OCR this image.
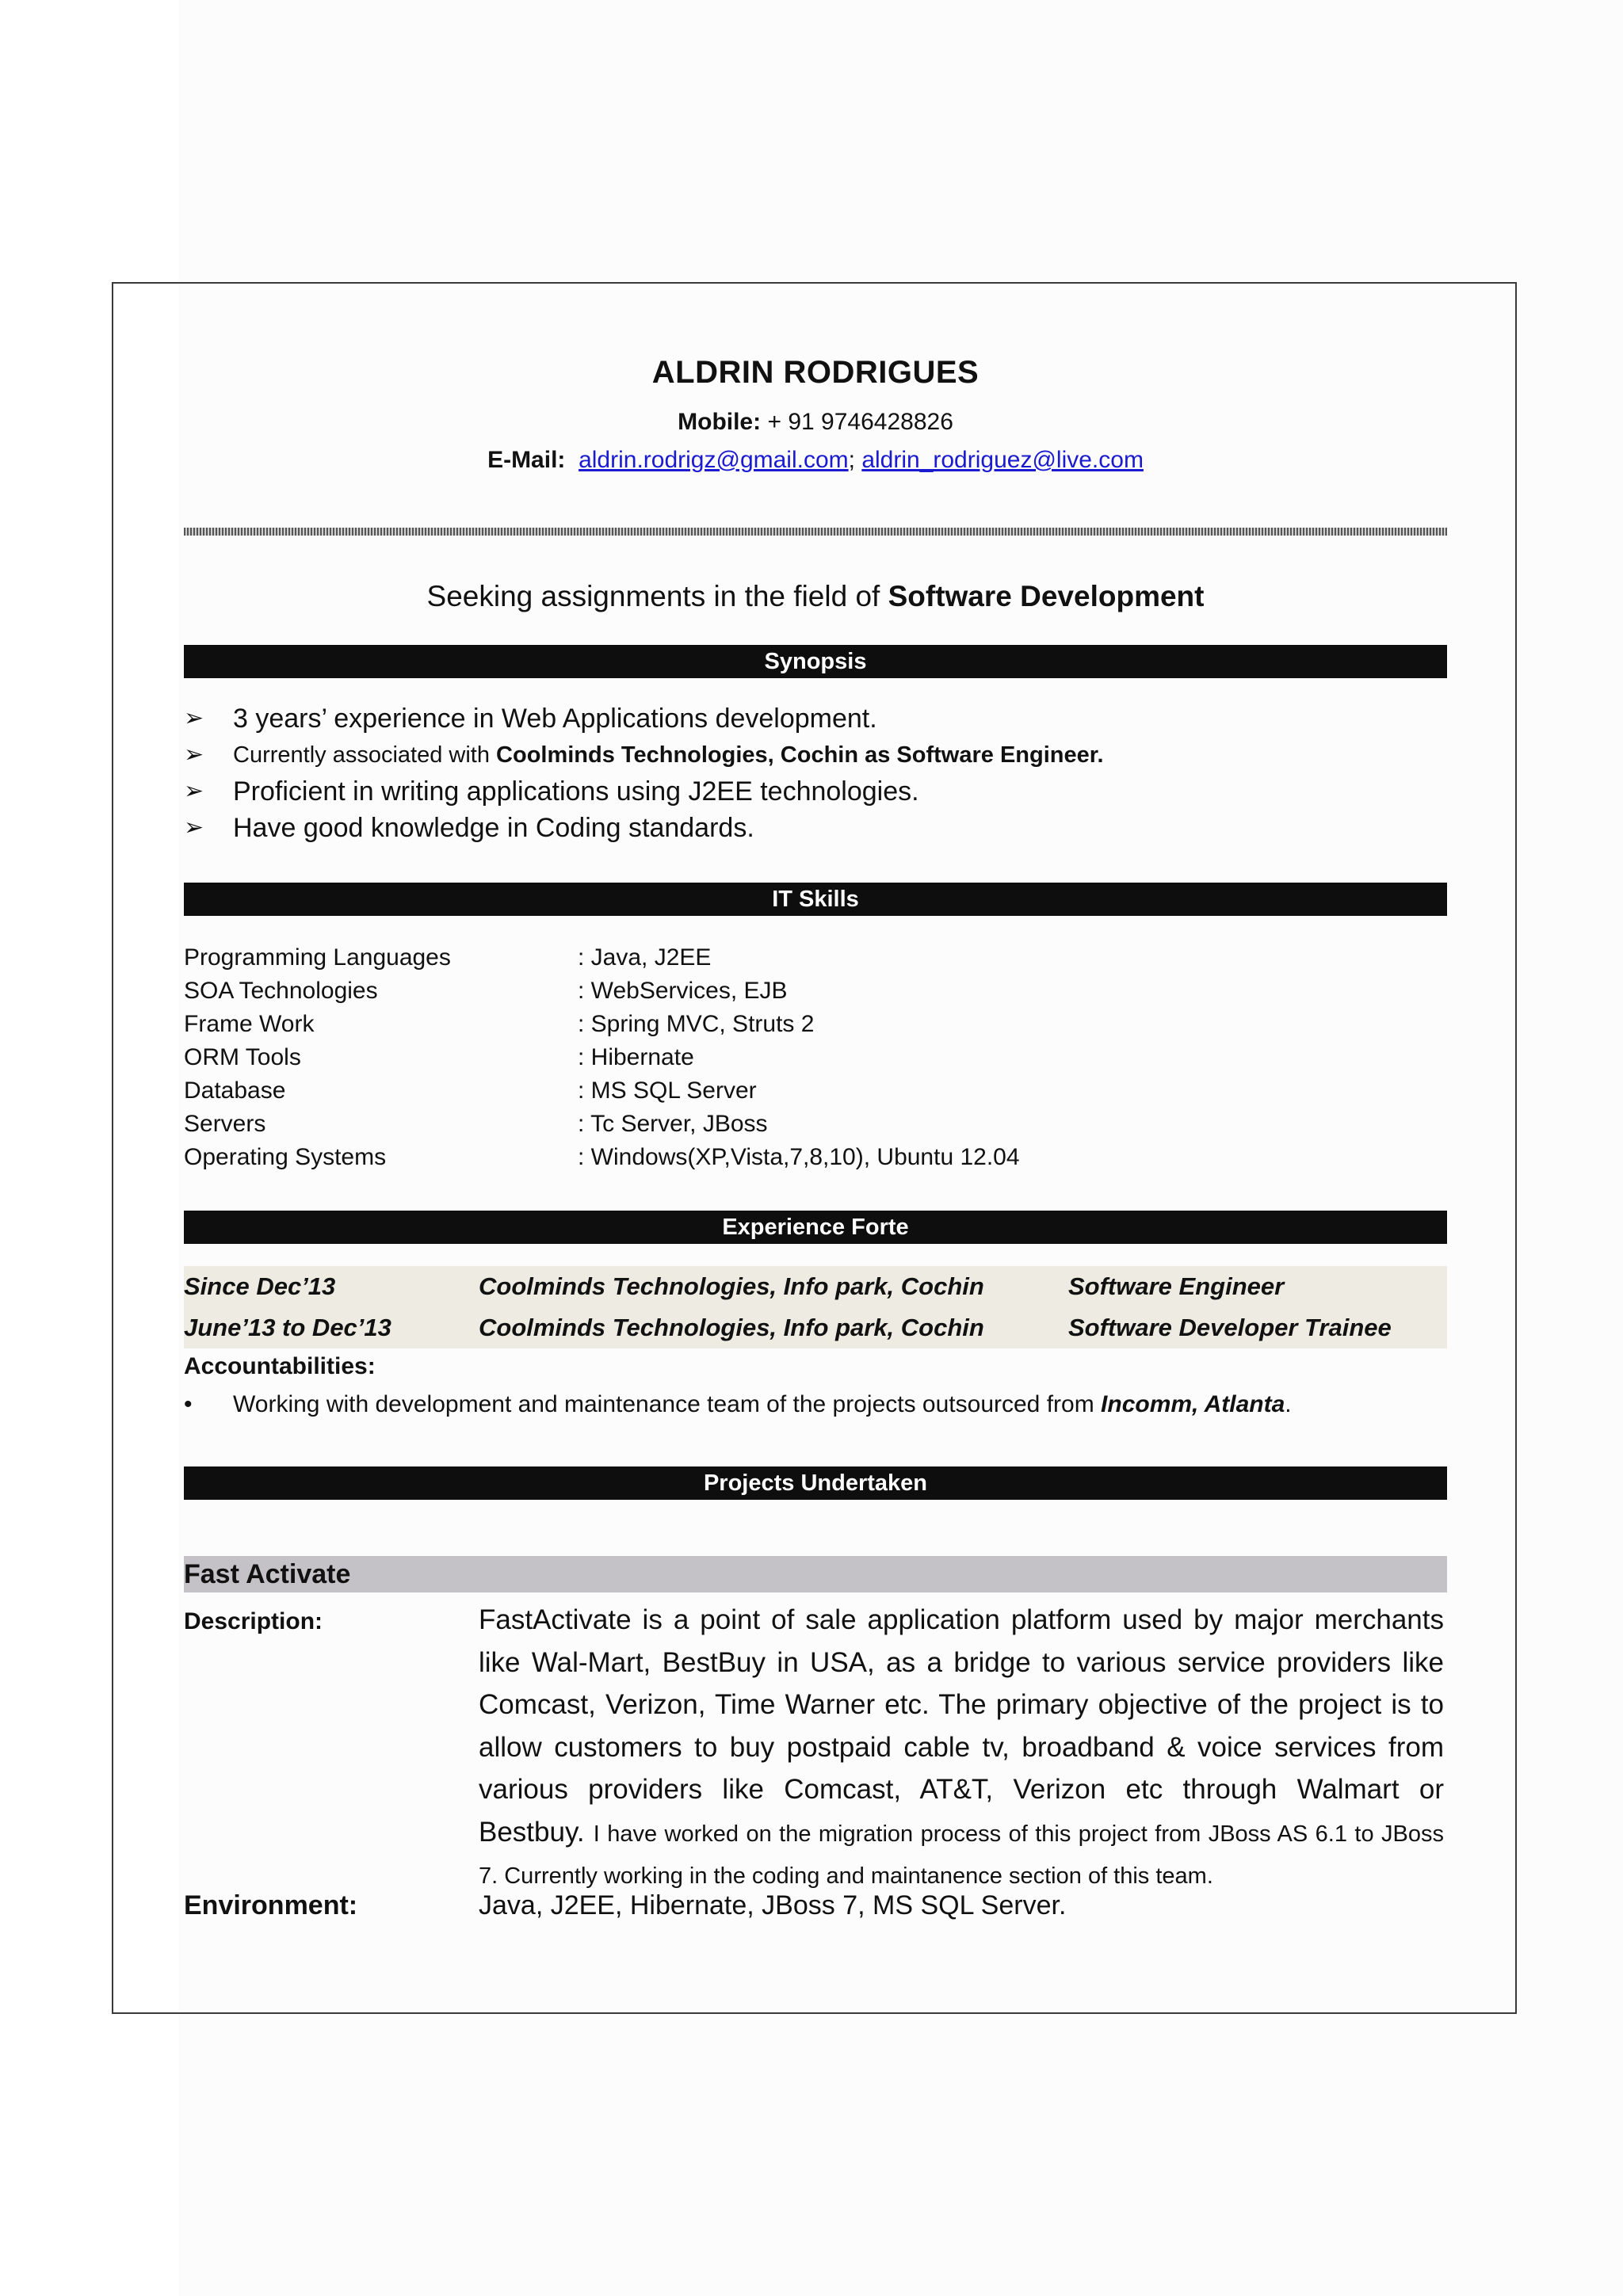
ALDRIN RODRIGUES
Mobile: + 91 9746428826
E-Mail: aldrin.rodrigz@gmail.com; aldrin_rodriguez@live.com
Seeking assignments in the field of Software Development
Synopsis
➢ 3 years’ experience in Web Applications development.
➢ Currently associated with Coolminds Technologies, Cochin as Software Engineer.
➢ Proficient in writing applications using J2EE technologies.
➢ Have good knowledge in Coding standards.
IT Skills
Programming Languages	: Java, J2EE
SOA Technologies	: WebServices, EJB
Frame Work	: Spring MVC, Struts 2
ORM Tools	: Hibernate
Database	: MS SQL Server
Servers	: Tc Server, JBoss
Operating Systems	: Windows(XP,Vista,7,8,10), Ubuntu 12.04
Experience Forte
Since Dec’13	Coolminds Technologies, Info park, Cochin	Software Engineer
June’13 to Dec’13	Coolminds Technologies, Info park, Cochin	Software Developer Trainee
Accountabilities:
• Working with development and maintenance team of the projects outsourced from Incomm, Atlanta.
Projects Undertaken
Fast Activate
Description:	FastActivate is a point of sale application platform used by major merchants like Wal-Mart, BestBuy in USA, as a bridge to various service providers like Comcast, Verizon, Time Warner etc. The primary objective of the project is to allow customers to buy postpaid cable tv, broadband & voice services from various providers like Comcast, AT&T, Verizon etc through Walmart or Bestbuy. I have worked on the migration process of this project from JBoss AS 6.1 to JBoss 7. Currently working in the coding and maintanence section of this team.
Environment:	Java, J2EE, Hibernate, JBoss 7, MS SQL Server.
